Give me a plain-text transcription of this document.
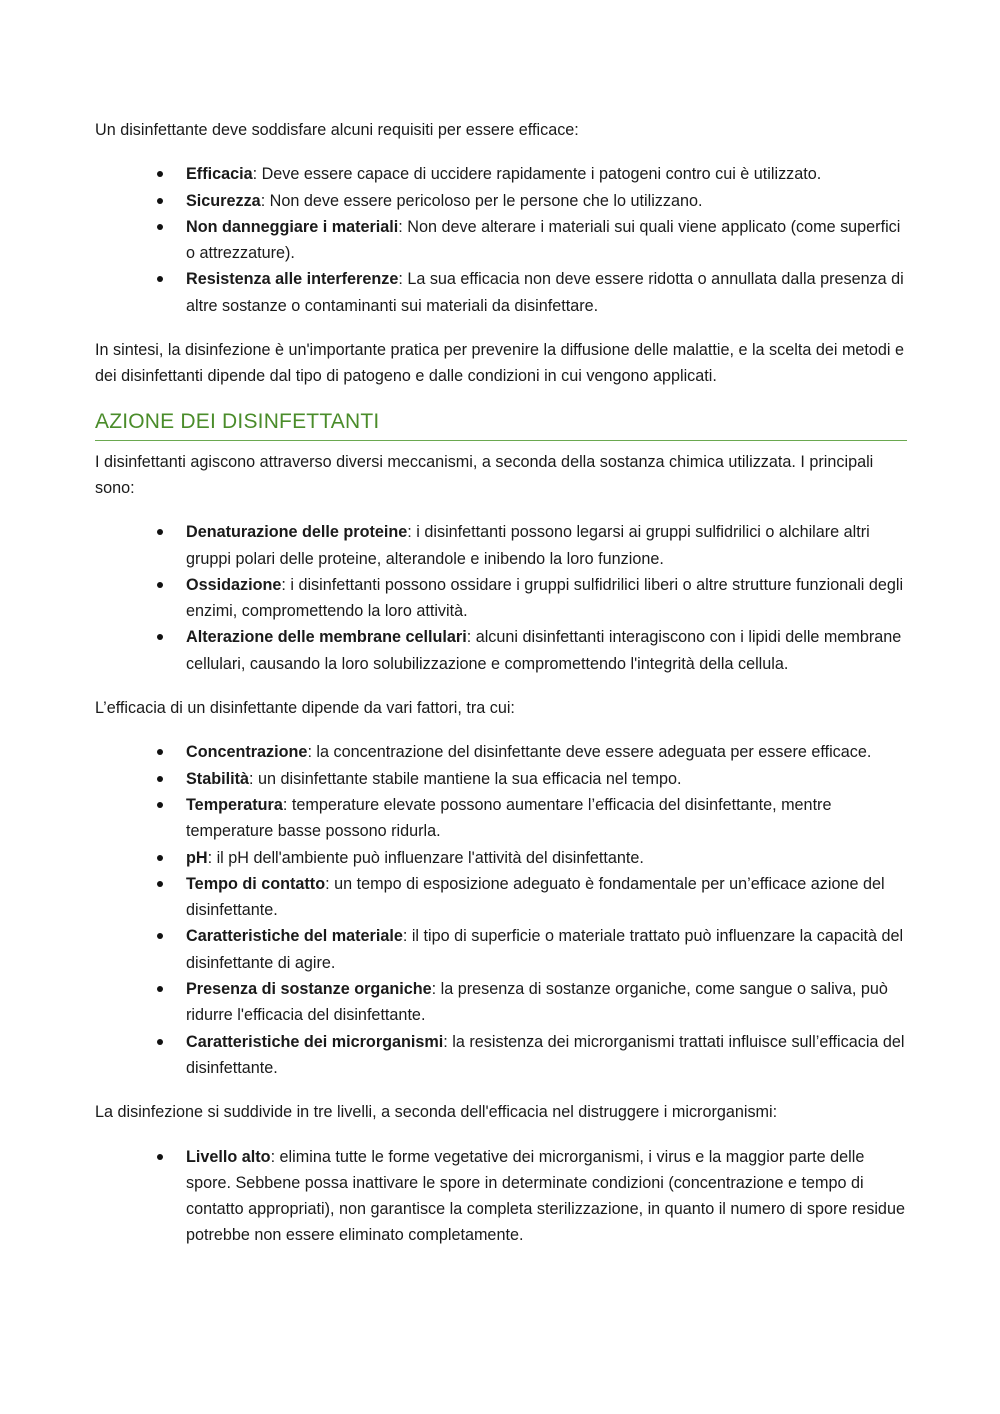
Un disinfettante deve soddisfare alcuni requisiti per essere efficace:

Efficacia: Deve essere capace di uccidere rapidamente i patogeni contro cui è utilizzato.
Sicurezza: Non deve essere pericoloso per le persone che lo utilizzano.
Non danneggiare i materiali: Non deve alterare i materiali sui quali viene applicato (come superfici o attrezzature).
Resistenza alle interferenze: La sua efficacia non deve essere ridotta o annullata dalla presenza di altre sostanze o contaminanti sui materiali da disinfettare.

In sintesi, la disinfezione è un'importante pratica per prevenire la diffusione delle malattie, e la scelta dei metodi e dei disinfettanti dipende dal tipo di patogeno e dalle condizioni in cui vengono applicati.

AZIONE DEI DISINFETTANTI

I disinfettanti agiscono attraverso diversi meccanismi, a seconda della sostanza chimica utilizzata. I principali sono:

Denaturazione delle proteine: i disinfettanti possono legarsi ai gruppi sulfidrilici o alchilare altri gruppi polari delle proteine, alterandole e inibendo la loro funzione.
Ossidazione: i disinfettanti possono ossidare i gruppi sulfidrilici liberi o altre strutture funzionali degli enzimi, compromettendo la loro attività.
Alterazione delle membrane cellulari: alcuni disinfettanti interagiscono con i lipidi delle membrane cellulari, causando la loro solubilizzazione e compromettendo l'integrità della cellula.

L’efficacia di un disinfettante dipende da vari fattori, tra cui:

Concentrazione: la concentrazione del disinfettante deve essere adeguata per essere efficace.
Stabilità: un disinfettante stabile mantiene la sua efficacia nel tempo.
Temperatura: temperature elevate possono aumentare l’efficacia del disinfettante, mentre temperature basse possono ridurla.
pH: il pH dell'ambiente può influenzare l'attività del disinfettante.
Tempo di contatto: un tempo di esposizione adeguato è fondamentale per un’efficace azione del disinfettante.
Caratteristiche del materiale: il tipo di superficie o materiale trattato può influenzare la capacità del disinfettante di agire.
Presenza di sostanze organiche: la presenza di sostanze organiche, come sangue o saliva, può ridurre l'efficacia del disinfettante.
Caratteristiche dei microrganismi: la resistenza dei microrganismi trattati influisce sull’efficacia del disinfettante.

La disinfezione si suddivide in tre livelli, a seconda dell'efficacia nel distruggere i microrganismi:

Livello alto: elimina tutte le forme vegetative dei microrganismi, i virus e la maggior parte delle spore. Sebbene possa inattivare le spore in determinate condizioni (concentrazione e tempo di contatto appropriati), non garantisce la completa sterilizzazione, in quanto il numero di spore residue potrebbe non essere eliminato completamente.
